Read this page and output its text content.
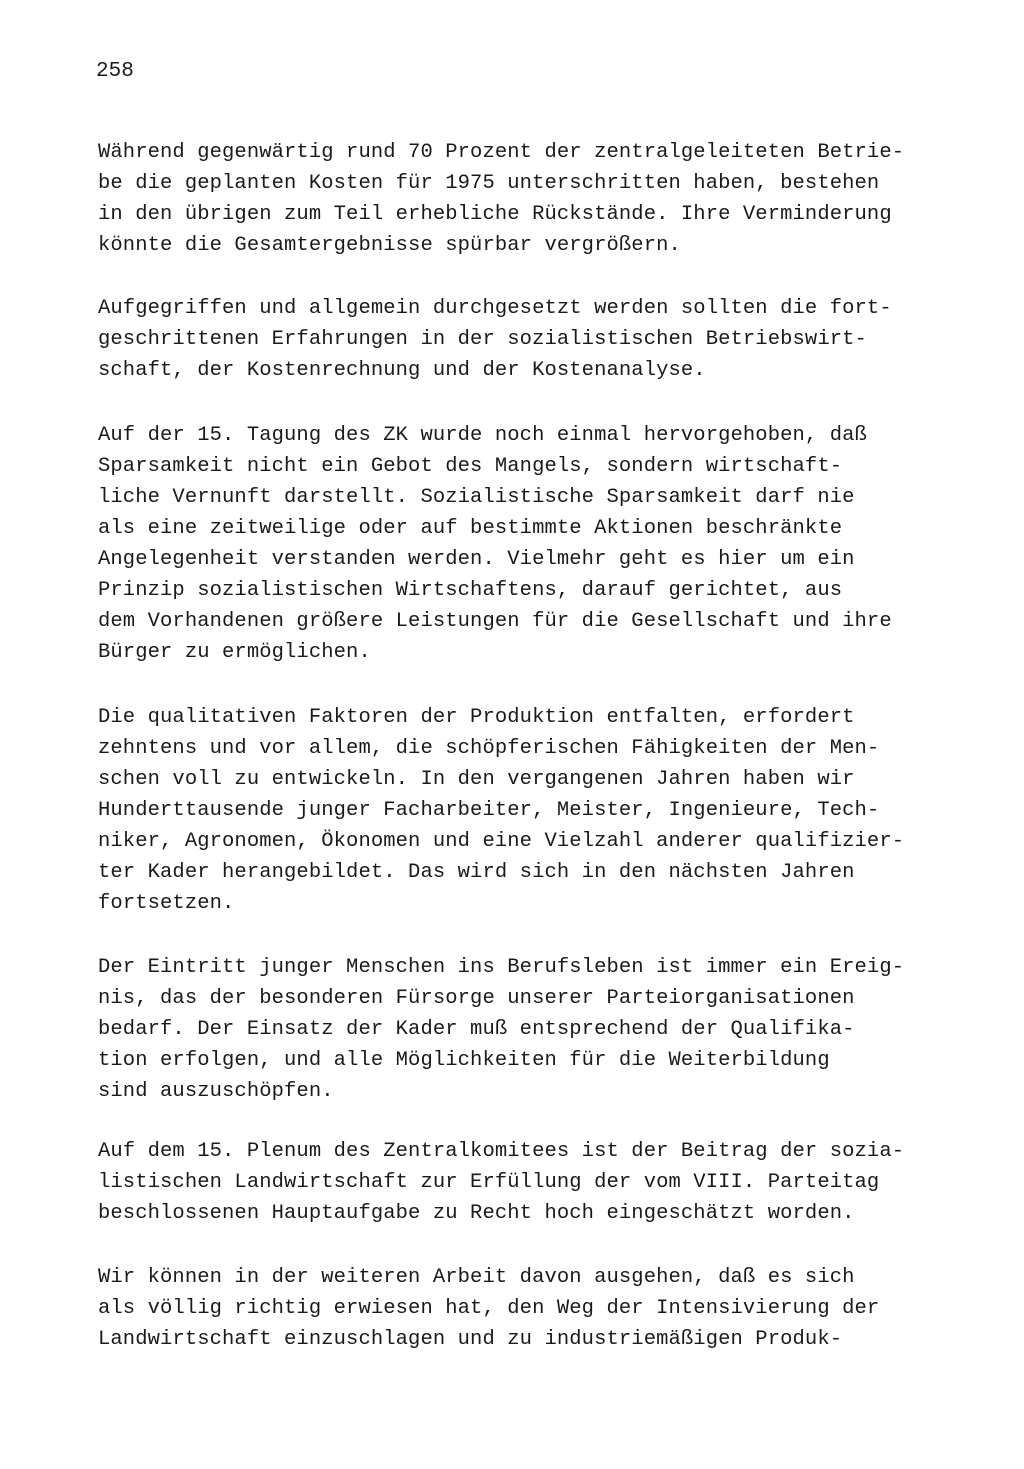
258
Während gegenwärtig rund 70 Prozent der zentralgeleiteten Betrie-
be die geplanten Kosten für 1975 unterschritten haben, bestehen
in den übrigen zum Teil erhebliche Rückstände. Ihre Verminderung
könnte die Gesamtergebnisse spürbar vergrößern.
Aufgegriffen und allgemein durchgesetzt werden sollten die fort-
geschrittenen Erfahrungen in der sozialistischen Betriebswirt-
schaft, der Kostenrechnung und der Kostenanalyse.
Auf der 15. Tagung des ZK wurde noch einmal hervorgehoben, daß
Sparsamkeit nicht ein Gebot des Mangels, sondern wirtschaft-
liche Vernunft darstellt. Sozialistische Sparsamkeit darf nie
als eine zeitweilige oder auf bestimmte Aktionen beschränkte
Angelegenheit verstanden werden. Vielmehr geht es hier um ein
Prinzip sozialistischen Wirtschaftens, darauf gerichtet, aus
dem Vorhandenen größere Leistungen für die Gesellschaft und ihre
Bürger zu ermöglichen.
Die qualitativen Faktoren der Produktion entfalten, erfordert
zehntens und vor allem, die schöpferischen Fähigkeiten der Men-
schen voll zu entwickeln. In den vergangenen Jahren haben wir
Hunderttausende junger Facharbeiter, Meister, Ingenieure, Tech-
niker, Agronomen, Ökonomen und eine Vielzahl anderer qualifizier-
ter Kader herangebildet. Das wird sich in den nächsten Jahren
fortsetzen.
Der Eintritt junger Menschen ins Berufsleben ist immer ein Ereig-
nis, das der besonderen Fürsorge unserer Parteiorganisationen
bedarf. Der Einsatz der Kader muß entsprechend der Qualifika-
tion erfolgen, und alle Möglichkeiten für die Weiterbildung
sind auszuschöpfen.
Auf dem 15. Plenum des Zentralkomitees ist der Beitrag der sozia-
listischen Landwirtschaft zur Erfüllung der vom VIII. Parteitag
beschlossenen Hauptaufgabe zu Recht hoch eingeschätzt worden.
Wir können in der weiteren Arbeit davon ausgehen, daß es sich
als völlig richtig erwiesen hat, den Weg der Intensivierung der
Landwirtschaft einzuschlagen und zu industriemäßigen Produk-
